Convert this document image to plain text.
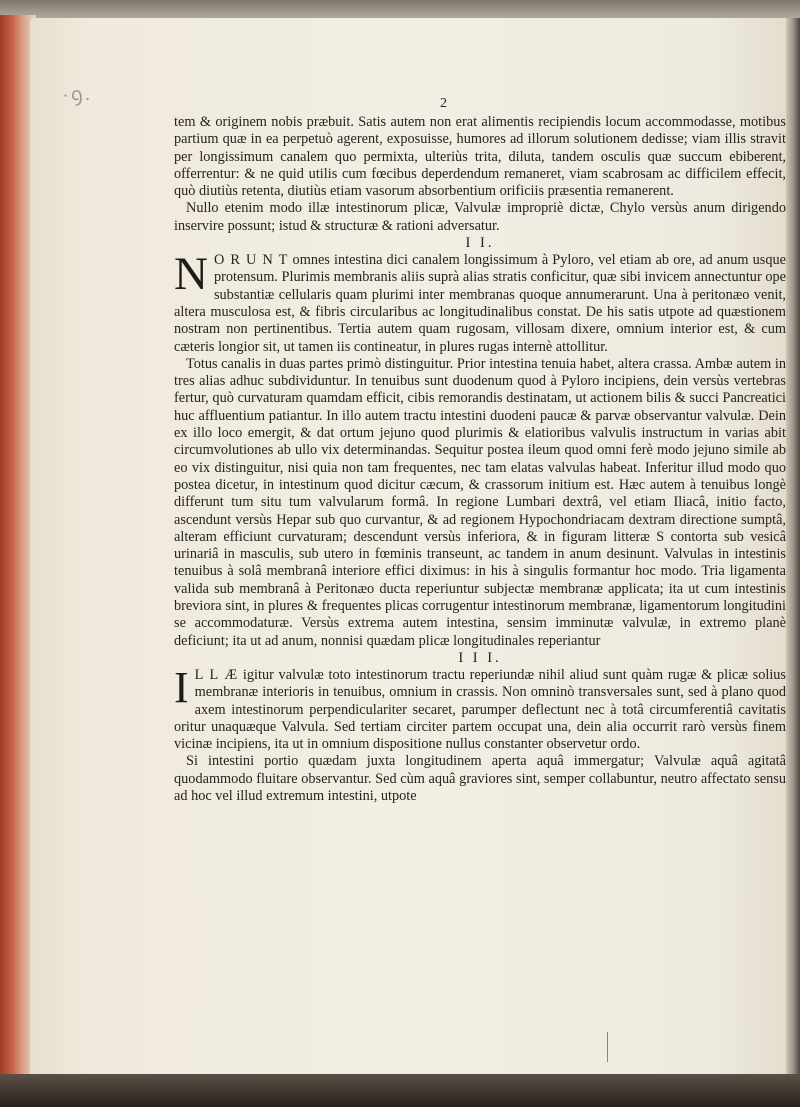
·ꝯ.	2

tem & originem nobis præbuit. Satis autem non erat alimentis recipiendis locum accommodasse, motibus partium quæ in ea perpetuò agerent, exposuisse, humores ad illorum solutionem dedisse; viam illis stravit per longissimum canalem quo permixta, ulteriùs trita, diluta, tandem osculis quæ succum ebiberent, offerrentur: & ne quid utilis cum fœcibus deperdendum remaneret, viam scabrosam ac difficilem effecit, quò diutiùs retenta, diutiùs etiam vasorum absorbentium orificiis præsentia remanerent.

Nullo etenim modo illæ intestinorum plicæ, Valvulæ impropriè dictæ, Chylo versùs anum dirigendo inservire possunt; istud & structuræ & rationi adversatur.

I I.

N O R U N T omnes intestina dici canalem longissimum à Pyloro, vel etiam ab ore, ad anum usque protensum. Plurimis membranis aliis suprà alias stratis conficitur, quæ sibi invicem annectuntur ope substantiæ cellularis quam plurimi inter membranas quoque annumerarunt. Una à peritonæo venit, altera musculosa est, & fibris circularibus ac longitudinalibus constat. De his satis utpote ad quæstionem nostram non pertinentibus. Tertia autem quam rugosam, villosam dixere, omnium interior est, & cum cæteris longior sit, ut tamen iis contineatur, in plures rugas internè attollitur.

Totus canalis in duas partes primò distinguitur. Prior intestina tenuia habet, altera crassa. Ambæ autem in tres alias adhuc subdividuntur. In tenuibus sunt duodenum quod à Pyloro incipiens, dein versùs vertebras fertur, quò curvaturam quamdam efficit, cibis remorandis destinatam, ut actionem bilis & succi Pancreatici huc affluentium patiantur. In illo autem tractu intestini duodeni paucæ & parvæ observantur valvulæ. Dein ex illo loco emergit, & dat ortum jejuno quod plurimis & elatioribus valvulis instructum in varias abit circumvolutiones ab ullo vix determinandas. Sequitur postea ileum quod omni ferè modo jejuno simile ab eo vix distinguitur, nisi quia non tam frequentes, nec tam elatas valvulas habeat. Inferitur illud modo quo postea dicetur, in intestinum quod dicitur cæcum, & crassorum initium est. Hæc autem à tenuibus longè differunt tum situ tum valvularum formâ. In regione Lumbari dextrâ, vel etiam Iliacâ, initio facto, ascendunt versùs Hepar sub quo curvantur, & ad regionem Hypochondriacam dextram directione sumptâ, alteram efficiunt curvaturam; descendunt versùs inferiora, & in figuram litteræ S contorta sub vesicâ urinariâ in masculis, sub utero in fœminis transeunt, ac tandem in anum desinunt. Valvulas in intestinis tenuibus à solâ membranâ interiore effici diximus: in his à singulis formantur hoc modo. Tria ligamenta valida sub membranâ à Peritonæo ducta reperiuntur subjectæ membranæ applicata; ita ut cum intestinis breviora sint, in plures & frequentes plicas corrugentur intestinorum membranæ, ligamentorum longitudini se accommodaturæ. Versùs extrema autem intestina, sensim imminutæ valvulæ, in extremo planè deficiunt; ita ut ad anum, nonnisi quædam plicæ longitudinales reperiantur

I I I.

I L L Æ igitur valvulæ toto intestinorum tractu reperiundæ nihil aliud sunt quàm rugæ & plicæ solius membranæ interioris in tenuibus, omnium in crassis. Non omninò transversales sunt, sed à plano quod axem intestinorum perpendiculariter secaret, parumper deflectunt nec à totâ circumferentiâ cavitatis oritur unaquæque Valvula. Sed tertiam circiter partem occupat una, dein alia occurrit rarò versùs finem vicinæ incipiens, ita ut in omnium dispositione nullus constanter observetur ordo.

Si intestini portio quædam juxta longitudinem aperta aquâ immergatur; Valvulæ aquâ agitatâ quodammodo fluitare observantur. Sed cùm aquâ graviores sint, semper collabuntur, neutro affectato sensu ad hoc vel illud extremum intestini, utpote
